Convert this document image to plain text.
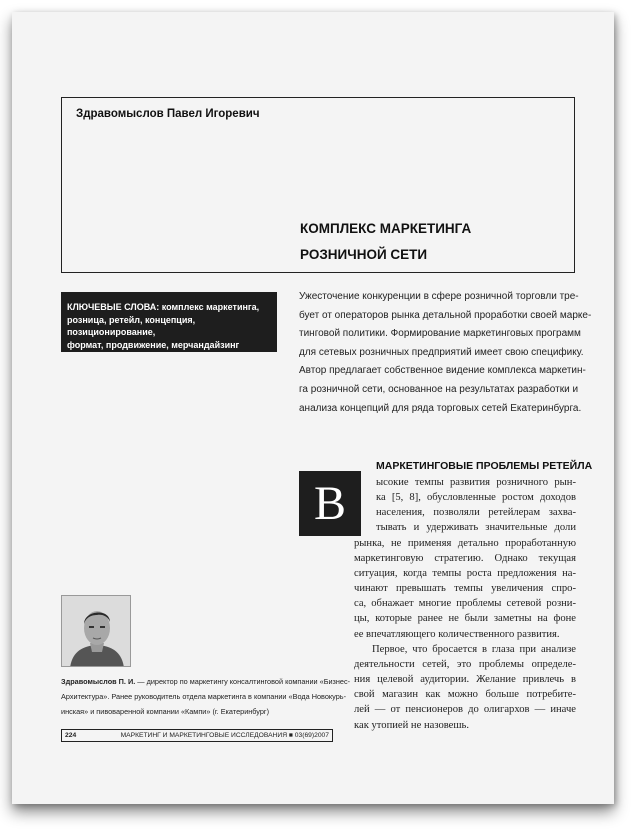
Здравомыслов Павел Игоревич
КОМПЛЕКС МАРКЕТИНГА
РОЗНИЧНОЙ СЕТИ
КЛЮЧЕВЫЕ СЛОВА: комплекс маркетинга,
розница, ретейл, концепция, позиционирование,
формат, продвижение, мерчандайзинг
Ужесточение конкуренции в сфере розничной торговли тре-
бует от операторов рынка детальной проработки своей марке-
тинговой политики. Формирование маркетинговых программ
для сетевых розничных предприятий имеет свою специфику.
Автор предлагает собственное видение комплекса маркетин-
га розничной сети, основанное на результатах разработки и
анализа концепций для ряда торговых сетей Екатеринбурга.
МАРКЕТИНГОВЫЕ ПРОБЛЕМЫ РЕТЕЙЛА
В	ысокие темпы развития розничного рын-
ка [5, 8], обусловленные ростом доходов
населения, позволяли ретейлерам захва-
тывать и удерживать значительные доли
рынка, не применяя детально проработанную
маркетинговую стратегию. Однако текущая
ситуация, когда темпы роста предложения на-
чинают превышать темпы увеличения спро-
са, обнажает многие проблемы сетевой розни-
цы, которые ранее не были заметны на фоне
ее впечатляющего количественного развития.
Первое, что бросается в глаза при анализе
деятельности сетей, это проблемы определе-
ния целевой аудитории. Желание привлечь в
свой магазин как можно больше потребите-
лей — от пенсионеров до олигархов — иначе
как утопией не назовешь.
Здравомыслов П. И. — директор по маркетингу консалтинговой компании «Бизнес-
Архитектура». Ранее руководитель отдела маркетинга в компании «Вода Новокурь-
инская» и пивоваренной компании «Кампи» (г. Екатеринбург)
224	МАРКЕТИНГ И МАРКЕТИНГОВЫЕ ИССЛЕДОВАНИЯ ■ 03(69)2007
